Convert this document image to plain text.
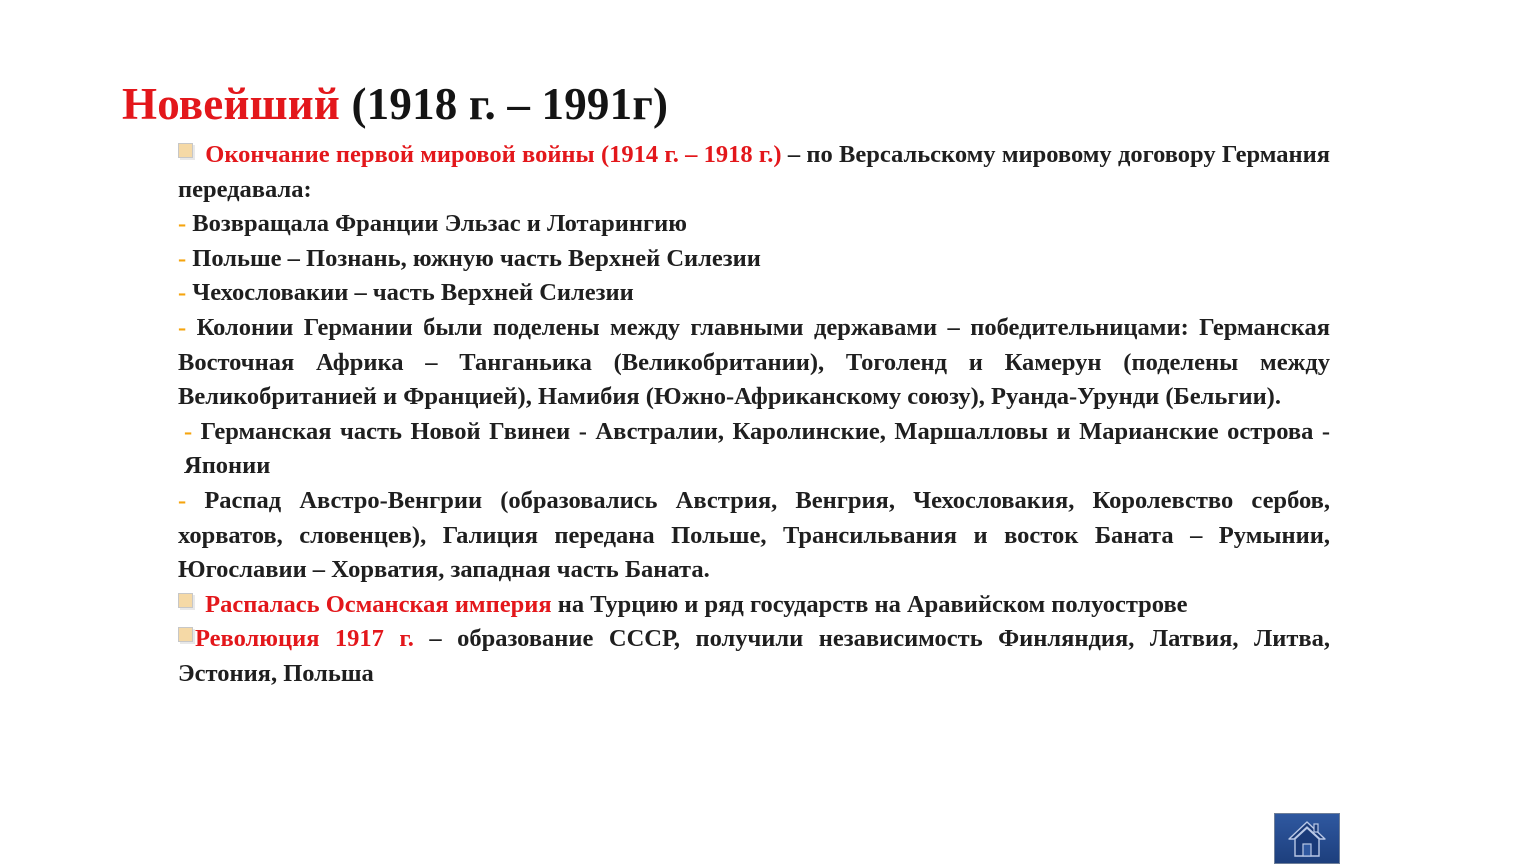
Новейший (1918 г. – 1991г)

Окончание первой мировой войны (1914 г. – 1918 г.) – по Версальскому мировому договору Германия передавала:

- Возвращала Франции Эльзас и Лотарингию

- Польше – Познань, южную часть Верхней Силезии

- Чехословакии – часть Верхней Силезии

- Колонии Германии были поделены между главными державами – победительницами: Германская Восточная Африка – Танганьика (Великобритании), Тоголенд и Камерун (поделены между Великобританией и Францией), Намибия (Южно-Африканскому союзу), Руанда-Урунди (Бельгии).

- Германская часть Новой Гвинеи - Австралии, Каролинские, Маршалловы и Марианские острова - Японии

- Распад Австро-Венгрии (образовались Австрия, Венгрия, Чехословакия, Королевство сербов, хорватов, словенцев), Галиция передана Польше, Трансильвания и восток Баната – Румынии, Югославии – Хорватия, западная часть Баната.

Распалась Османская империя на Турцию и ряд государств на Аравийском полуострове

Революция 1917 г. – образование СССР, получили независимость Финляндия, Латвия, Литва, Эстония, Польша
